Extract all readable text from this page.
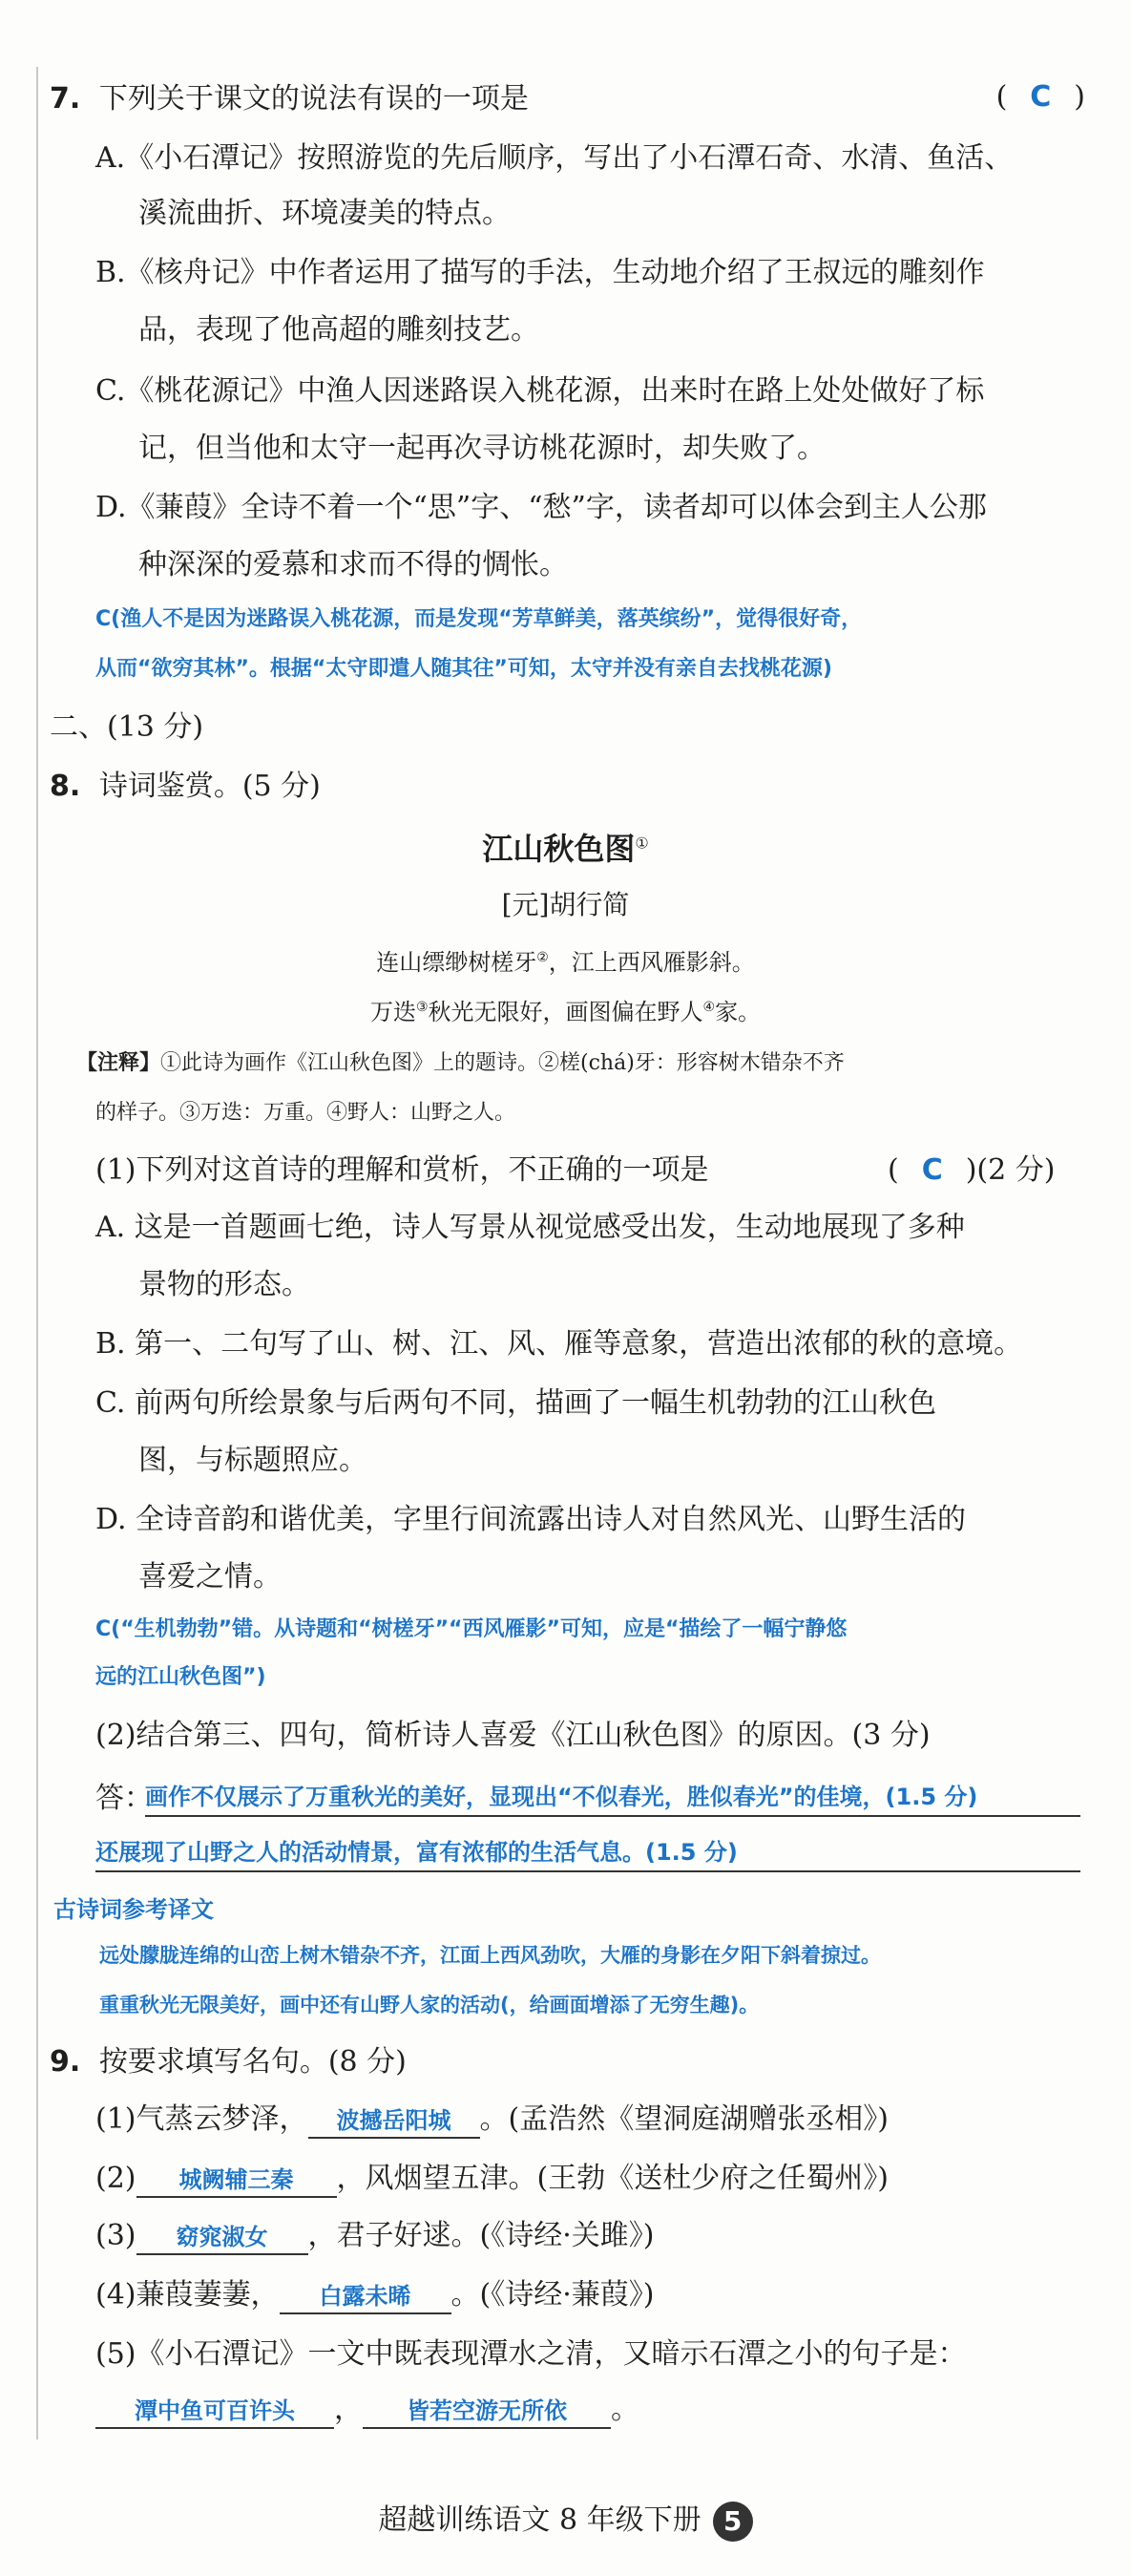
7. 下列关于课文的说法有误的一项是	( C )
A.《小石潭记》按照游览的先后顺序，写出了小石潭石奇、水清、鱼活、
溪流曲折、环境凄美的特点。
B.《核舟记》中作者运用了描写的手法，生动地介绍了王叔远的雕刻作
品，表现了他高超的雕刻技艺。
C.《桃花源记》中渔人因迷路误入桃花源，出来时在路上处处做好了标
记，但当他和太守一起再次寻访桃花源时，却失败了。
D.《蒹葭》全诗不着一个“思”字、“愁”字，读者却可以体会到主人公那
种深深的爱慕和求而不得的惆怅。
C(渔人不是因为迷路误入桃花源，而是发现“芳草鲜美，落英缤纷”，觉得很好奇，
从而“欲穷其林”。根据“太守即遣人随其往”可知，太守并没有亲自去找桃花源)
二、(13 分)
8. 诗词鉴赏。(5 分)
江山秋色图①
[元]胡行简
连山缥缈树槎牙②，江上西风雁影斜。
万迭③秋光无限好，画图偏在野人④家。
【注释】①此诗为画作《江山秋色图》上的题诗。②槎(chá)牙：形容树木错杂不齐
的样子。③万迭：万重。④野人：山野之人。
(1)下列对这首诗的理解和赏析，不正确的一项是	( C )(2 分)
A. 这是一首题画七绝，诗人写景从视觉感受出发，生动地展现了多种
景物的形态。
B. 第一、二句写了山、树、江、风、雁等意象，营造出浓郁的秋的意境。
C. 前两句所绘景象与后两句不同，描画了一幅生机勃勃的江山秋色
图，与标题照应。
D. 全诗音韵和谐优美，字里行间流露出诗人对自然风光、山野生活的
喜爱之情。
C(“生机勃勃”错。从诗题和“树槎牙”“西风雁影”可知，应是“描绘了一幅宁静悠
远的江山秋色图”)
(2)结合第三、四句，简析诗人喜爱《江山秋色图》的原因。(3 分)
答：
画作不仅展示了万重秋光的美好，显现出“不似春光，胜似春光”的佳境，(1.5 分)
还展现了山野之人的活动情景，富有浓郁的生活气息。(1.5 分)
古诗词参考译文
远处朦胧连绵的山峦上树木错杂不齐，江面上西风劲吹，大雁的身影在夕阳下斜着掠过。
重重秋光无限美好，画中还有山野人家的活动(，给画面增添了无穷生趣)。
9. 按要求填写名句。(8 分)
(1)气蒸云梦泽， 波撼岳阳城 。(孟浩然《望洞庭湖赠张丞相》)
(2) 城阙辅三秦 ，风烟望五津。(王勃《送杜少府之任蜀州》)
(3) 窈窕淑女 ，君子好逑。(《诗经·关雎》)
(4)蒹葭萋萋， 白露未晞 。(《诗经·蒹葭》)
(5)《小石潭记》一文中既表现潭水之清，又暗示石潭之小的句子是：
潭中鱼可百许头 ， 皆若空游无所依 。
超越训练语文 8 年级下册 5
